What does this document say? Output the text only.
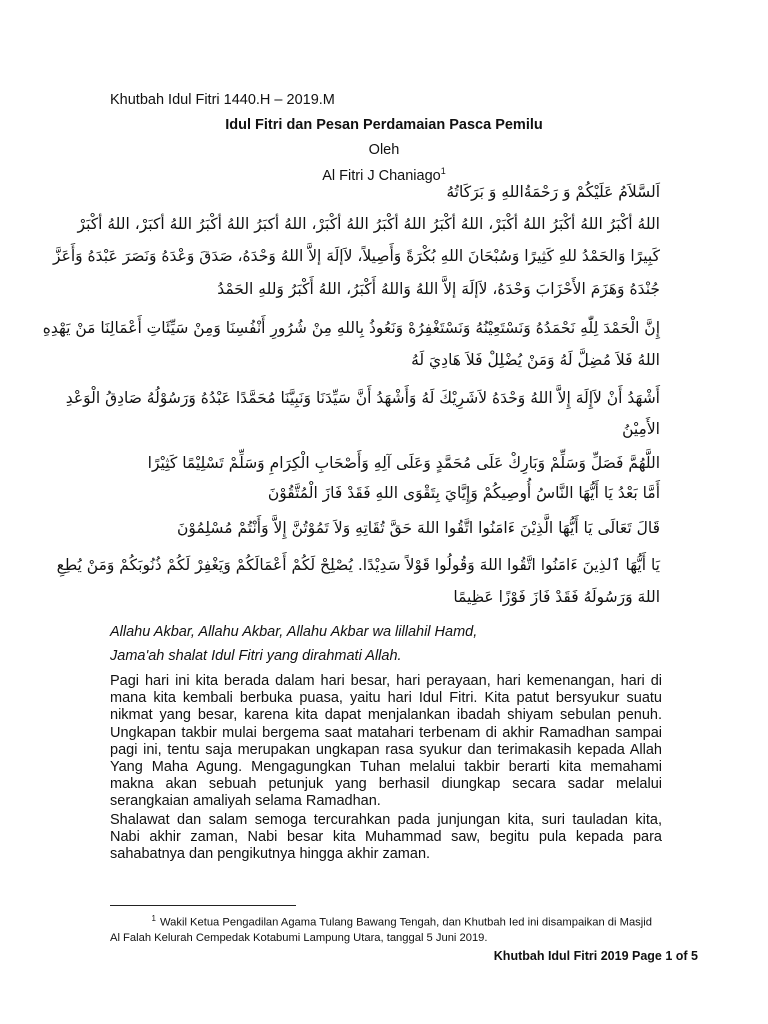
Khutbah Idul Fitri 1440.H – 2019.M
Idul Fitri dan Pesan Perdamaian Pasca Pemilu
Oleh
Al Fitri J Chaniago$^1$
اَلسَّلاَمُ عَلَيْكُمْ وَ رَحْمَةُاللهِ وَ بَرَكَاتُهُ
اللهُ أكْبَرُ اللهُ أكْبَرُ اللهُ أكْبَرْ، اللهُ أكْبَرُ اللهُ أكْبَرُ اللهُ أكْبَرْ، اللهُ أكبَرُ اللهُ أكْبَرُ اللهُ أكبَرْ، اللهُ أكْبَرْ
كَبِيرًا وَالحَمْدُ للهِ كَثِيرًا وَسُبْحَانَ اللهِ بُكْرَةً وَأَصِيلاً، لاَإلَهَ إلاَّ اللهُ وَحْدَهُ، صَدَقَ وَعْدَهُ وَنَصَرَ عَبْدَهُ وَأَعَزَّ
جُنْدَهُ وَهَزَمَ الأَحْزَابَ وَحْدَهُ، لاَإلَهَ إلاَّ اللهُ وَاللهُ أَكْبَرُ، اللهُ أَكْبَرُ وَللهِ الحَمْدُ
إِنَّ الْحَمْدَ لِلّٰهِ نَحْمَدُهُ وَنَسْتَعِيْنُهُ وَنَسْتَغْفِرُهْ وَنَعُوذُ بِاللهِ مِنْ شُرُورِ أَنْفُسِنَا وَمِنْ سَيِّئَاتِ أَعْمَالِنَا مَنْ يَهْدِهِ
اللهُ فَلاَ مُضِلَّ لَهُ وَمَنْ يُضْلِلْ فَلاَ هَادِيَ لَهُ
أَشْهَدُ أَنْ لاَإِلَهَ إِلاَّ اللهُ وَحْدَهُ لاَشَرِيْكَ لَهُ وَأَشْهَدُ أَنَّ سَيِّدَنَا وَنَبِيَّنَا مُحَمَّدًا عَبْدُهُ وَرَسُوْلُهُ صَادِقُ الْوَعْدِ
الأَمِيْنُ
اللَّهُمَّ فَصَلِّ وَسَلِّمْ وَبَارِكْ عَلَى مُحَمَّدٍ وَعَلَى آلِهِ وَأَصْحَابِ الْكِرَامِ وَسَلِّمْ تَسْلِيْمًا كَثِيْرًا
أَمَّا بَعْدُ يَا أَيُّهَا النَّاسُ أُوصِيكُمْ وَإِيَّايَ بِتَقْوَى اللهِ فَقَدْ فَازَ الْمُتَّقُوْنَ
قَالَ تَعَالَى يَا أَيُّهَا الَّذِيْنَ ءَامَنُوا اتَّقُوا اللهَ حَقَّ تُقَاتِهِ وَلاَ تَمُوْتُنَّ إِلاَّ وَأَنْتُمْ مُسْلِمُوْنَ
يَا أَيُّهَا ٱلذِينَ ءَامَنُوا اتَّقُوا اللهَ وَقُولُوا قَوْلاً سَدِيْدًا. يُصْلِحْ لَكُمْ أَعْمَالَكُمْ وَيَغْفِرْ لَكُمْ ذُنُوبَكُمْ وَمَنْ يُطِعِ
اللهَ وَرَسُولَهُ فَقَدْ فَازَ فَوْزًا عَظِيمًا
Allahu Akbar, Allahu Akbar, Allahu Akbar wa lillahil Hamd,
Jama'ah shalat Idul Fitri yang dirahmati Allah.

Pagi hari ini kita berada dalam hari besar, hari perayaan, hari kemenangan, hari di mana kita kembali berbuka puasa, yaitu hari Idul Fitri. Kita patut bersyukur suatu nikmat yang besar, karena kita dapat menjalankan ibadah shiyam sebulan penuh. Ungkapan takbir mulai bergema saat matahari terbenam di akhir Ramadhan sampai pagi ini, tentu saja merupakan ungkapan rasa syukur dan terimakasih kepada Allah Yang Maha Agung. Mengagungkan Tuhan melalui takbir berarti kita memahami makna akan sebuah petunjuk yang berhasil diungkap secara sadar melalui serangkaian amaliyah selama Ramadhan.

Shalawat dan salam semoga tercurahkan pada junjungan kita, suri tauladan kita, Nabi akhir zaman, Nabi besar kita Muhammad saw, begitu pula kepada para sahabatnya dan pengikutnya hingga akhir zaman.

1 Wakil Ketua Pengadilan Agama Tulang Bawang Tengah, dan Khutbah Ied ini disampaikan di Masjid Al Falah Kelurah Cempedak Kotabumi Lampung Utara, tanggal 5 Juni 2019.

Khutbah Idul Fitri 2019 Page 1 of 5
